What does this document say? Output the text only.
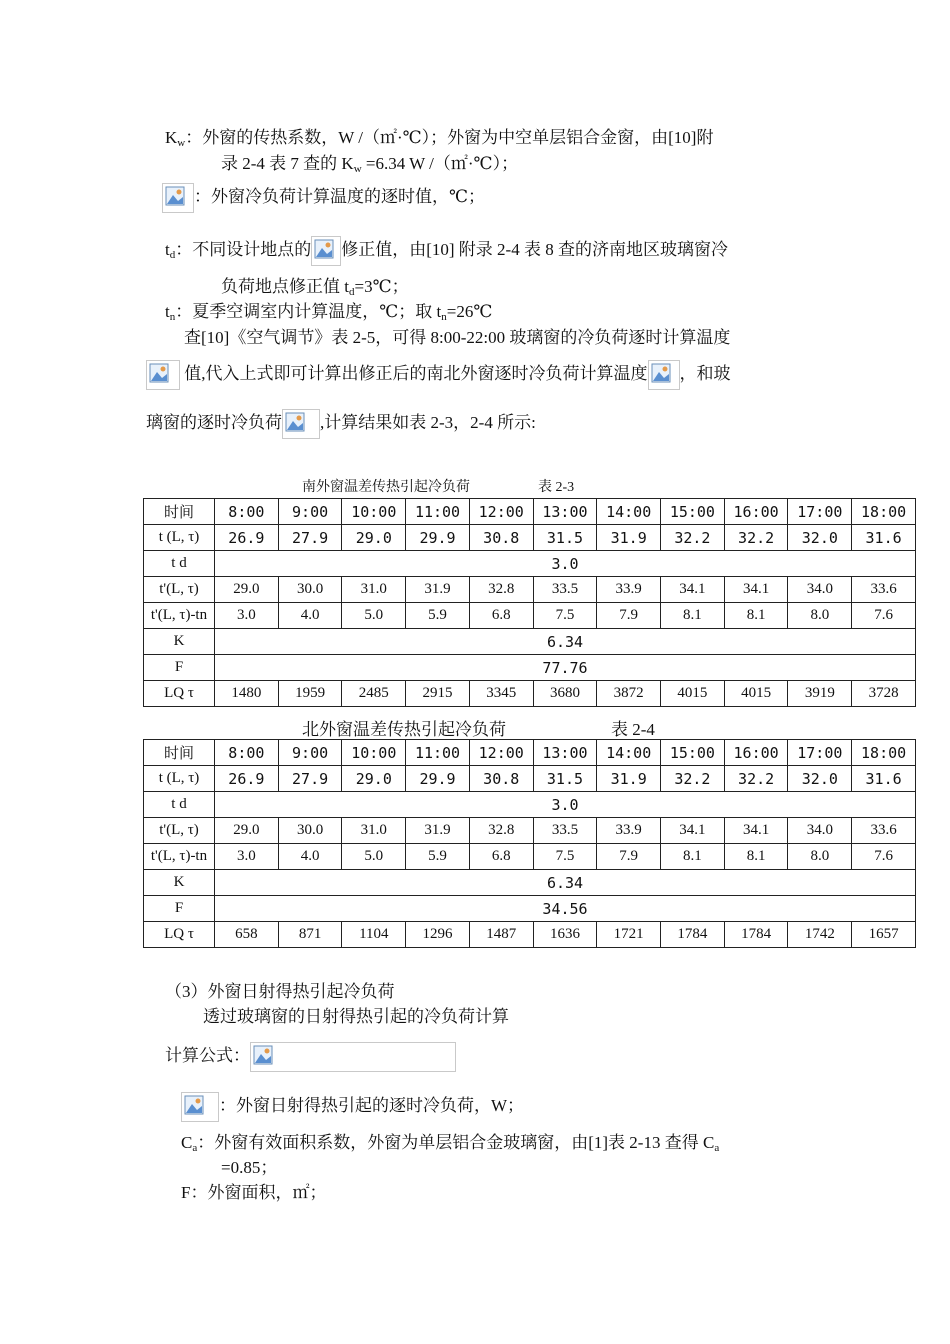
$K_w$：外窗的传热系数，W /（㎡·℃）；外窗为中空单层铝合金窗，由[10]附
录 2-4 表 7 查的 $K_w =6.34$ W /（㎡·℃）；
：外窗冷负荷计算温度的逐时值，℃；
$t_d$：不同设计地点的 修正值，由[10] 附录 2-4 表 8 查的济南地区玻璃窗冷
负荷地点修正值 $t_d=3℃$；
$t_n$：夏季空调室内计算温度，℃；取 $t_n=26℃$
查[10]《空气调节》表 2-5，可得 8:00-22:00 玻璃窗的冷负荷逐时计算温度
值,代入上式即可计算出修正后的南北外窗逐时冷负荷计算温度 ，和玻
璃窗的逐时冷负荷 ,计算结果如表 2-3，2-4 所示:
南外窗温差传热引起冷负荷	表 2-3
时间	8:00	9:00	10:00	11:00	12:00	13:00	14:00	15:00	16:00	17:00	18:00
t (L, τ)	26.9	27.9	29.0	29.9	30.8	31.5	31.9	32.2	32.2	32.0	31.6
t d	3.0										
t'(L, τ)	29.0	30.0	31.0	31.9	32.8	33.5	33.9	34.1	34.1	34.0	33.6
t'(L, τ)-tn	3.0	4.0	5.0	5.9	6.8	7.5	7.9	8.1	8.1	8.0	7.6
K	6.34										
F	77.76										
LQ τ	1480	1959	2485	2915	3345	3680	3872	4015	4015	3919	3728
北外窗温差传热引起冷负荷	表 2-4
时间	8:00	9:00	10:00	11:00	12:00	13:00	14:00	15:00	16:00	17:00	18:00
t (L, τ)	26.9	27.9	29.0	29.9	30.8	31.5	31.9	32.2	32.2	32.0	31.6
t d	3.0										
t'(L, τ)	29.0	30.0	31.0	31.9	32.8	33.5	33.9	34.1	34.1	34.0	33.6
t'(L, τ)-tn	3.0	4.0	5.0	5.9	6.8	7.5	7.9	8.1	8.1	8.0	7.6
K	6.34										
F	34.56										
LQ τ	658	871	1104	1296	1487	1636	1721	1784	1784	1742	1657
（3）外窗日射得热引起冷负荷
透过玻璃窗的日射得热引起的冷负荷计算
计算公式：
：外窗日射得热引起的逐时冷负荷，W；
$C_a$：外窗有效面积系数，外窗为单层铝合金玻璃窗，由[1]表 2-13 查得 $C_a$
=0.85；
F：外窗面积，㎡；
